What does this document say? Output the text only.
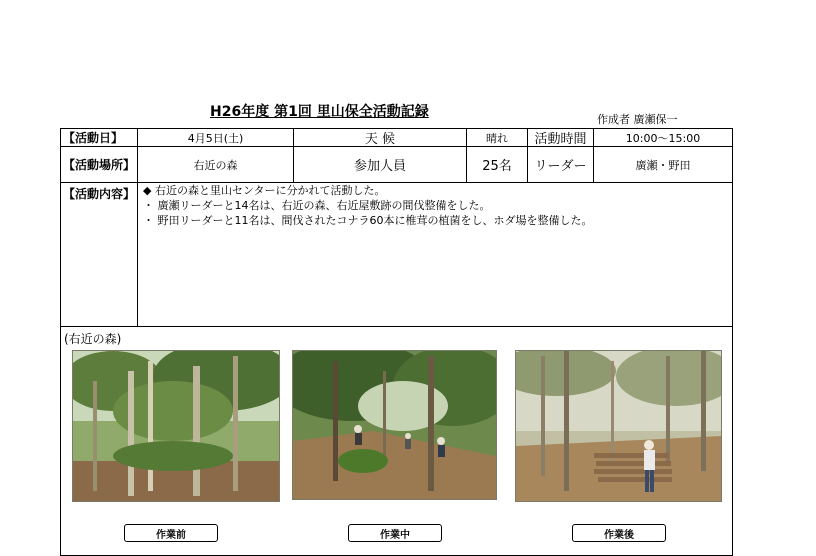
H26年度 第1回 里山保全活動記録	作成者 廣瀬保一
【活動日】	4月5日(土)	天 候	晴れ	活動時間	10:00〜15:00
【活動場所】	右近の森	参加人員	25名	リーダー	廣瀬・野田
【活動内容】 ◆ 右近の森と里山センターに分かれて活動した。
・ 廣瀬リーダーと14名は、右近の森、右近屋敷跡の間伐整備をした。
・ 野田リーダーと11名は、間伐されたコナラ60本に椎茸の植菌をし、ホダ場を整備した。
(右近の森)
作業前	作業中	作業後
